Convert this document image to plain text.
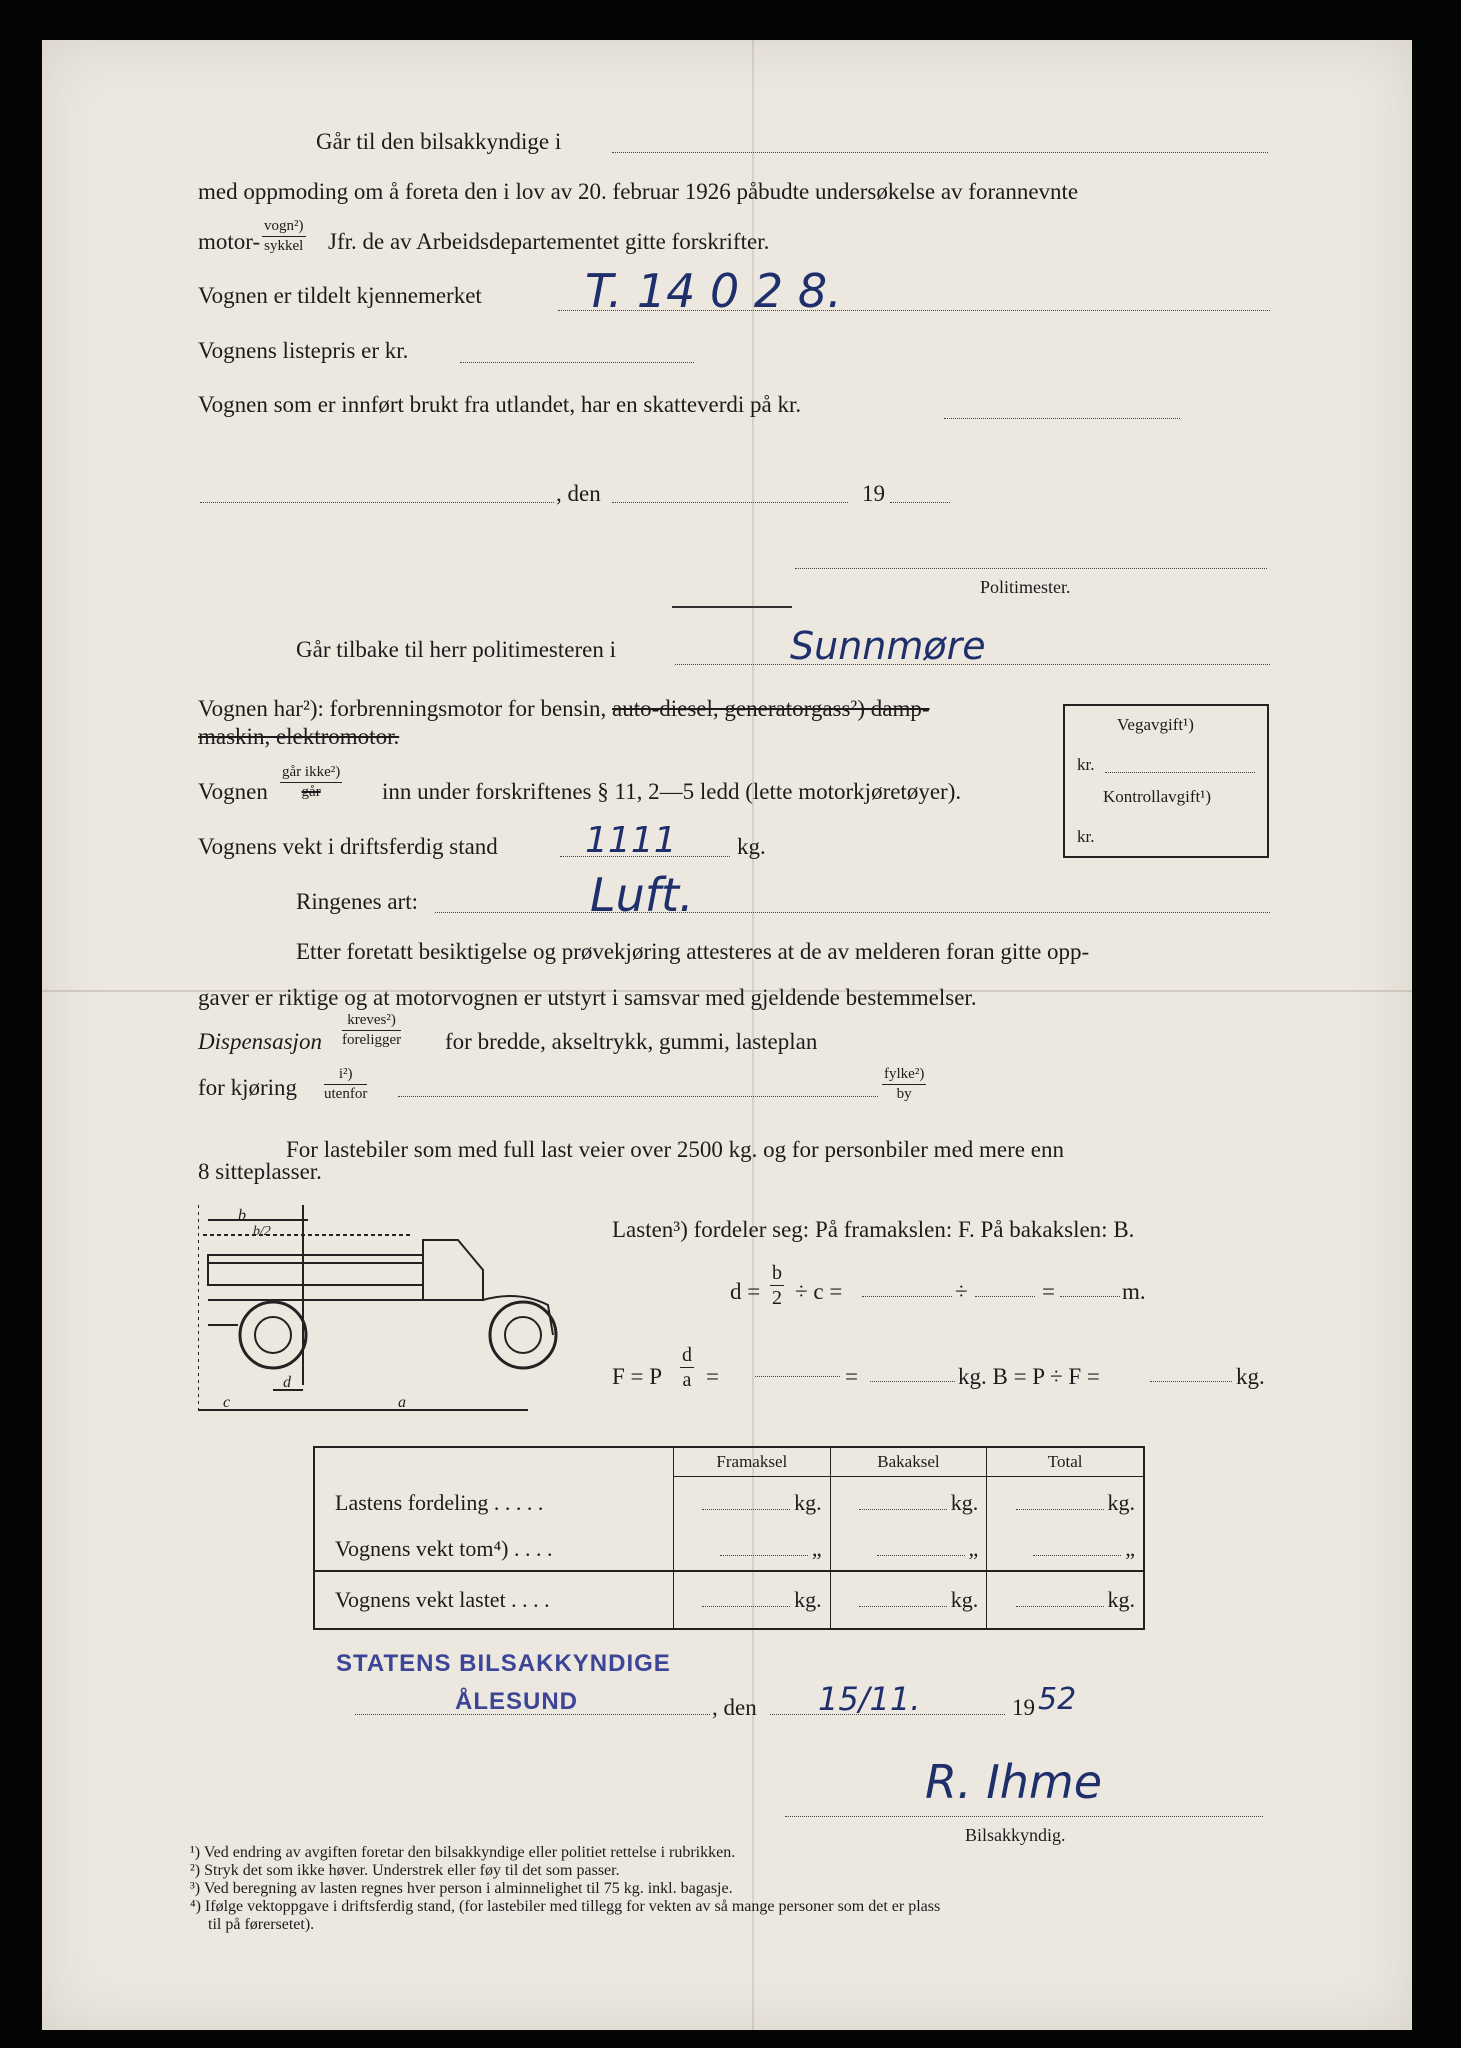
Går til den bilsakkyndige i
med oppmoding om å foreta den i lov av 20. februar 1926 påbudte undersøkelse av forannevnte
motor-
vogn²)
sykkel Jfr. de av Arbeidsdepartementet gitte forskrifter.
Vognen er tildelt kjennemerket T. 14 0 2 8.
Vognens listepris er kr.
Vognen som er innført brukt fra utlandet, har en skatteverdi på kr.
, den	19
Politimester.
Går tilbake til herr politimesteren i	Sunnmøre
Vognen har²): forbrenningsmotor for bensin, auto-diesel, generatorgass²) damp-
maskin, elektromotor.
Vognen
går ikke²)
går	inn under forskriftenes § 11, 2—5 ledd (lette motorkjøretøyer).
Vognens vekt i driftsferdig stand 1111	kg.
Ringenes art:	Luft.
Etter foretatt besiktigelse og prøvekjøring attesteres at de av melderen foran gitte opp-
gaver er riktige og at motorvognen er utstyrt i samsvar med gjeldende bestemmelser.
Dispensasjon
kreves²)
foreligger for bredde, akseltrykk, gummi, lasteplan
for kjøring
i²)
utenfor
fylke²)
by
Vegavgift¹)
kr.
Kontrollavgift¹)
kr.
For lastebiler som med full last veier over 2500 kg. og for personbiler med mere enn
8 sitteplasser.
b
b/2
d
c	a
Lasten³) fordeler seg: På framakslen: F. På bakakslen: B.
$d = \frac{b}{2} \div c$ =	÷	=	m.
F = P $\frac{d}{a}$ =	=	kg. B = P ÷ F =	kg.
	Framaksel	Bakaksel	Total
Lastens fordeling . . . . .	kg.	kg.	kg.
Vognens vekt tom⁴) . . . .	„	„	„
Vognens vekt lastet . . . .	kg.	kg.	kg.
STATENS BILSAKKYNDIGE
ÅLESUND	, den 15/11.	19 52
R. Ihme
Bilsakkyndig.
¹) Ved endring av avgiften foretar den bilsakkyndige eller politiet rettelse i rubrikken.
²) Stryk det som ikke høver. Understrek eller føy til det som passer.
³) Ved beregning av lasten regnes hver person i alminnelighet til 75 kg. inkl. bagasje.
⁴) Ifølge vektoppgave i driftsferdig stand, (for lastebiler med tillegg for vekten av så mange personer som det er plass
til på førersetet).
